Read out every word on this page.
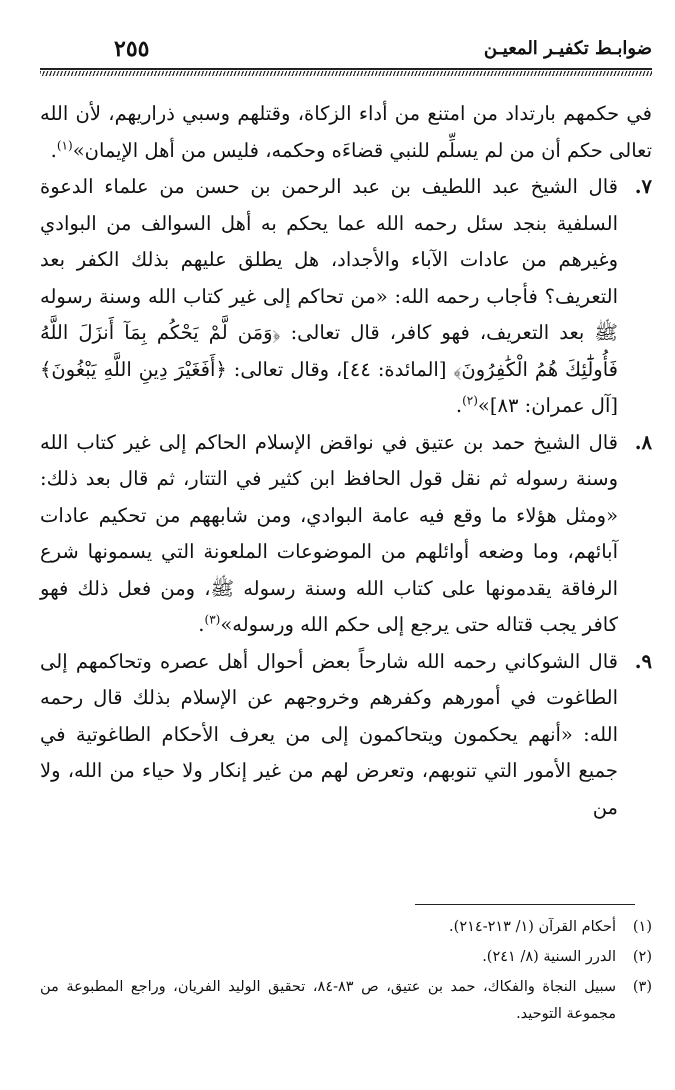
ضوابـط تكفيـر المعيـن
٢٥٥

في حكمهم بارتداد من امتنع من أداء الزكاة، وقتلهم وسبي ذراريهم، لأن الله تعالى حكم أن من لم يسلِّم للنبي قضاءَه وحكمه، فليس من أهل الإيمان»$^{(١)}$.

٧.
قال الشيخ عبد اللطيف بن عبد الرحمن بن حسن من علماء الدعوة السلفية بنجد سئل رحمه الله عما يحكم به أهل السوالف من البوادي وغيرهم من عادات الآباء والأجداد، هل يطلق عليهم بذلك الكفر بعد التعريف؟ فأجاب رحمه الله: «من تحاكم إلى غير كتاب الله وسنة رسوله ﷺ بعد التعريف، فهو كافر، قال تعالى: ﴿وَمَن لَّمْ يَحْكُم بِمَآ أَنزَلَ اللَّهُ فَأُولَٰٓئِكَ هُمُ الْكَٰفِرُونَ﴾ [المائدة: ٤٤]، وقال تعالى: ﴿أَفَغَيْرَ دِينِ اللَّهِ يَبْغُونَ﴾ [آل عمران: ٨٣]»$^{(٢)}$.

٨.
قال الشيخ حمد بن عتيق في نواقض الإسلام الحاكم إلى غير كتاب الله وسنة رسوله ثم نقل قول الحافظ ابن كثير في التتار، ثم قال بعد ذلك: «ومثل هؤلاء ما وقع فيه عامة البوادي، ومن شابههم من تحكيم عادات آبائهم، وما وضعه أوائلهم من الموضوعات الملعونة التي يسمونها شرع الرفاقة يقدمونها على كتاب الله وسنة رسوله ﷺ، ومن فعل ذلك فهو كافر يجب قتاله حتى يرجع إلى حكم الله ورسوله»$^{(٣)}$.

٩.
قال الشوكاني رحمه الله شارحاً بعض أحوال أهل عصره وتحاكمهم إلى الطاغوت في أمورهم وكفرهم وخروجهم عن الإسلام بذلك قال رحمه الله: «أنهم يحكمون ويتحاكمون إلى من يعرف الأحكام الطاغوتية في جميع الأمور التي تنوبهم، وتعرض لهم من غير إنكار ولا حياء من الله، ولا من

(١)
أحكام القرآن (١/ ٢١٣-٢١٤).

(٢)
الدرر السنية (٨/ ٢٤١).

(٣)
سبيل النجاة والفكاك، حمد بن عتيق، ص ٨٣-٨٤، تحقيق الوليد الفريان، وراجع المطبوعة من مجموعة التوحيد.
